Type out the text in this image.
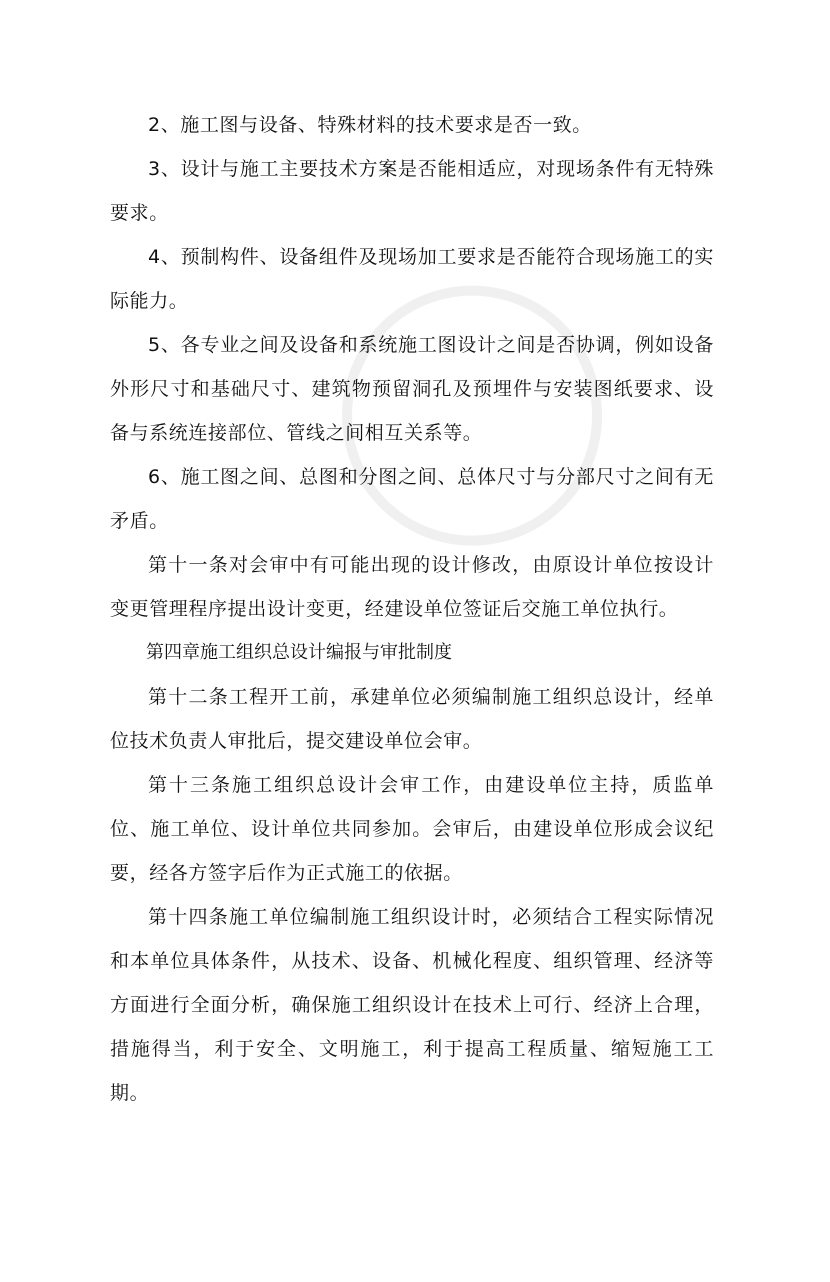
2、施工图与设备、特殊材料的技术要求是否一致。

3、设计与施工主要技术方案是否能相适应，对现场条件有无特殊要求。

4、预制构件、设备组件及现场加工要求是否能符合现场施工的实际能力。

5、各专业之间及设备和系统施工图设计之间是否协调，例如设备外形尺寸和基础尺寸、建筑物预留洞孔及预埋件与安装图纸要求、设备与系统连接部位、管线之间相互关系等。

6、施工图之间、总图和分图之间、总体尺寸与分部尺寸之间有无矛盾。

第十一条对会审中有可能出现的设计修改，由原设计单位按设计变更管理程序提出设计变更，经建设单位签证后交施工单位执行。

第四章施工组织总设计编报与审批制度

第十二条工程开工前，承建单位必须编制施工组织总设计，经单位技术负责人审批后，提交建设单位会审。

第十三条施工组织总设计会审工作，由建设单位主持，质监单位、施工单位、设计单位共同参加。会审后，由建设单位形成会议纪要，经各方签字后作为正式施工的依据。

第十四条施工单位编制施工组织设计时，必须结合工程实际情况和本单位具体条件，从技术、设备、机械化程度、组织管理、经济等方面进行全面分析，确保施工组织设计在技术上可行、经济上合理，措施得当，利于安全、文明施工，利于提高工程质量、缩短施工工期。
